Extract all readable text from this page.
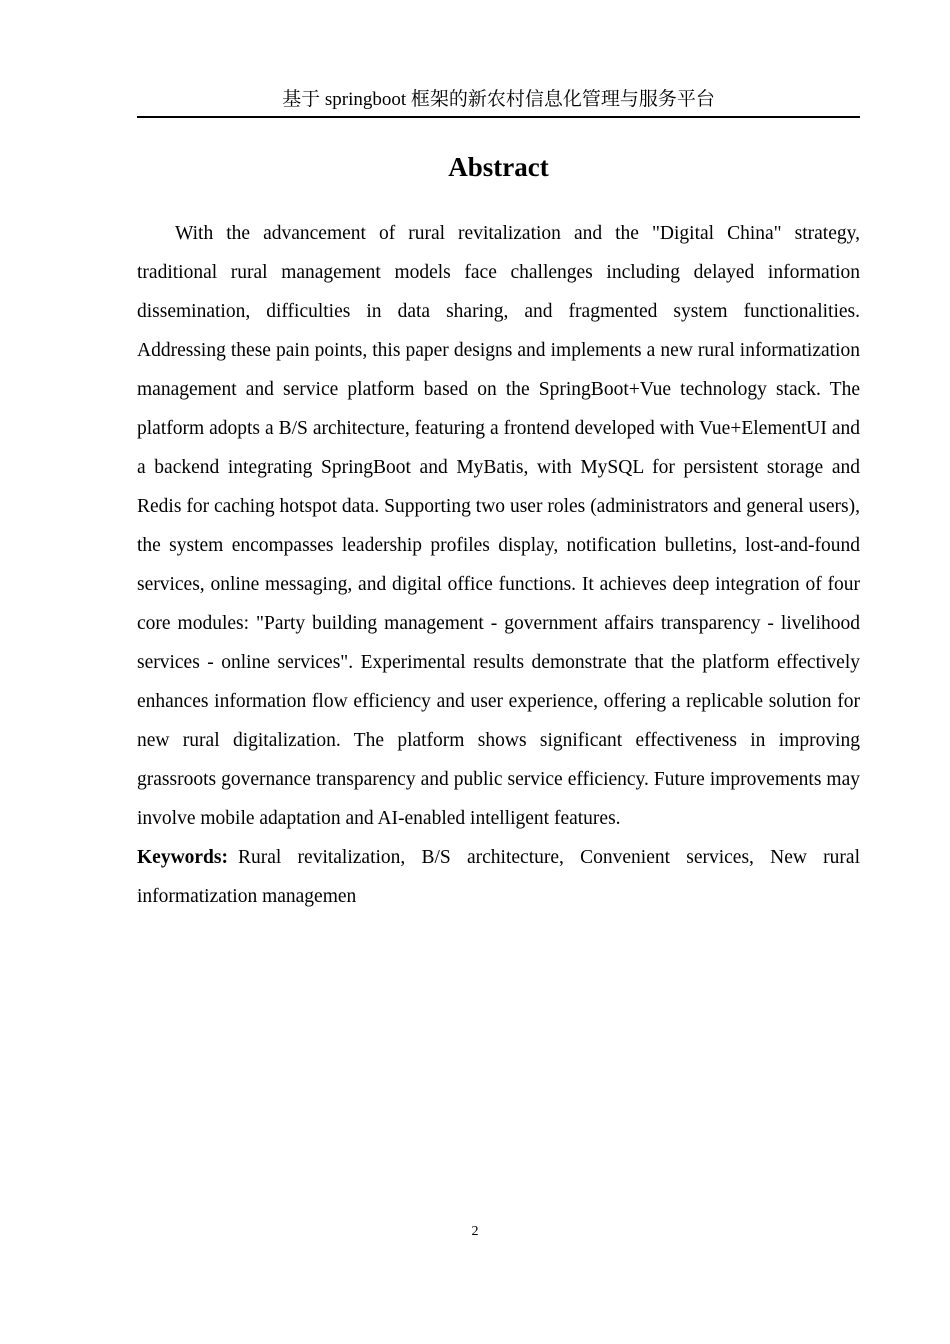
基于 springboot 框架的新农村信息化管理与服务平台
Abstract

With the advancement of rural revitalization and the "Digital China" strategy, traditional rural management models face challenges including delayed information dissemination, difficulties in data sharing, and fragmented system functionalities. Addressing these pain points, this paper designs and implements a new rural informatization management and service platform based on the SpringBoot+Vue technology stack. The platform adopts a B/S architecture, featuring a frontend developed with Vue+ElementUI and a backend integrating SpringBoot and MyBatis, with MySQL for persistent storage and Redis for caching hotspot data. Supporting two user roles (administrators and general users), the system encompasses leadership profiles display, notification bulletins, lost-and-found services, online messaging, and digital office functions. It achieves deep integration of four core modules: "Party building management - government affairs transparency - livelihood services - online services". Experimental results demonstrate that the platform effectively enhances information flow efficiency and user experience, offering a replicable solution for new rural digitalization. The platform shows significant effectiveness in improving grassroots governance transparency and public service efficiency. Future improvements may involve mobile adaptation and AI-enabled intelligent features.

Keywords: Rural revitalization, B/S architecture, Convenient services, New rural informatization managemen

2
